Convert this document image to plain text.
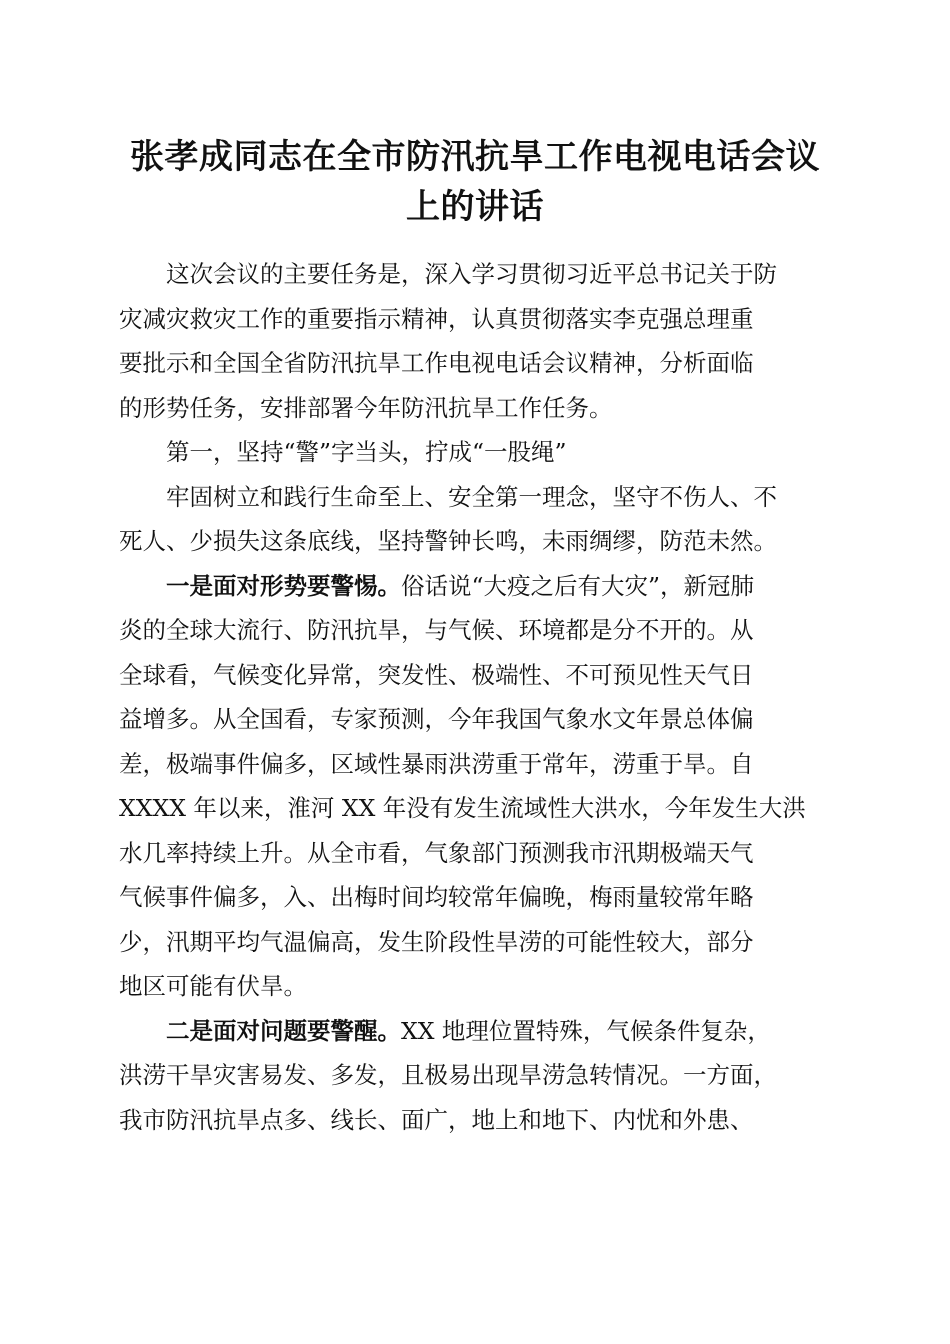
张孝成同志在全市防汛抗旱工作电视电话会议
上的讲话

这次会议的主要任务是，深入学习贯彻习近平总书记关于防
灾减灾救灾工作的重要指示精神，认真贯彻落实李克强总理重
要批示和全国全省防汛抗旱工作电视电话会议精神，分析面临
的形势任务，安排部署今年防汛抗旱工作任务。

第一，坚持“警”字当头，拧成“一股绳”

牢固树立和践行生命至上、安全第一理念，坚守不伤人、不
死人、少损失这条底线，坚持警钟长鸣，未雨绸缪，防范未然。

一是面对形势要警惕。俗话说“大疫之后有大灾”，新冠肺
炎的全球大流行、防汛抗旱，与气候、环境都是分不开的。从
全球看，气候变化异常，突发性、极端性、不可预见性天气日
益增多。从全国看，专家预测，今年我国气象水文年景总体偏
差，极端事件偏多，区域性暴雨洪涝重于常年，涝重于旱。自
XXXX 年以来，淮河 XX 年没有发生流域性大洪水，今年发生大洪
水几率持续上升。从全市看，气象部门预测我市汛期极端天气
气候事件偏多，入、出梅时间均较常年偏晚，梅雨量较常年略
少，汛期平均气温偏高，发生阶段性旱涝的可能性较大，部分
地区可能有伏旱。

二是面对问题要警醒。XX 地理位置特殊，气候条件复杂，
洪涝干旱灾害易发、多发，且极易出现旱涝急转情况。一方面，
我市防汛抗旱点多、线长、面广，地上和地下、内忧和外患、
